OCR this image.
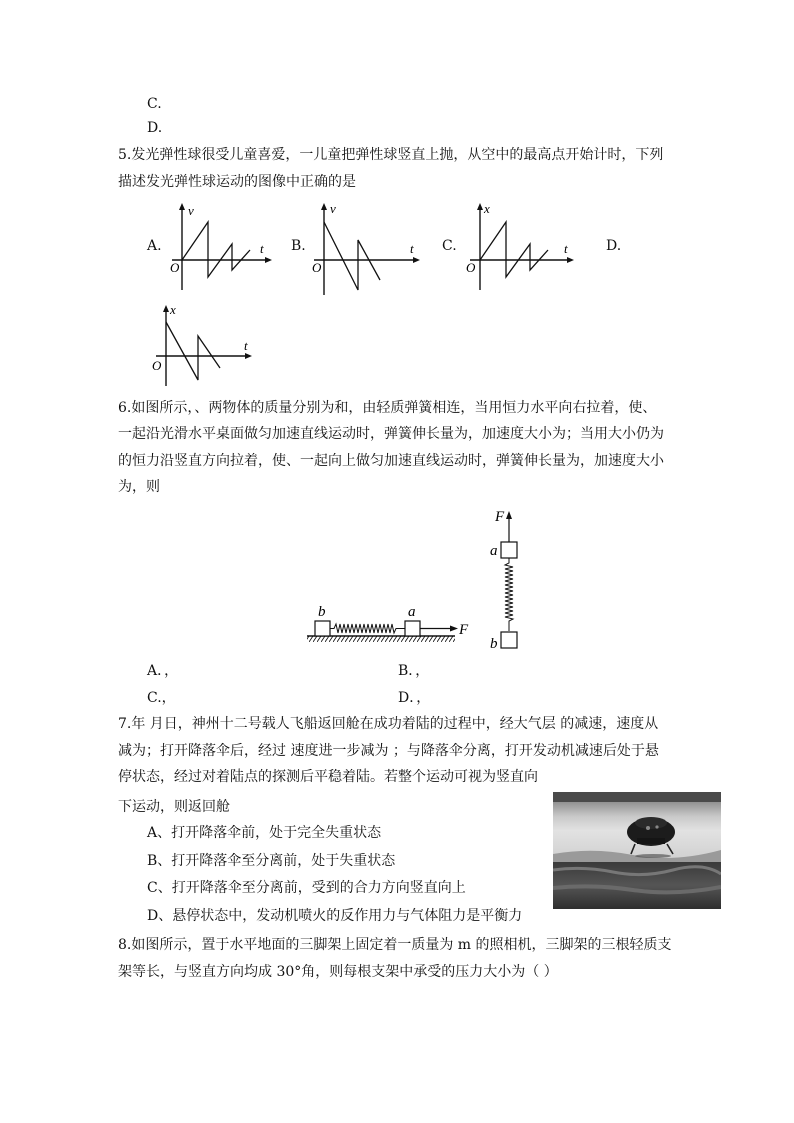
C.
D.
5.发光弹性球很受儿童喜爱，一儿童把弹性球竖直上抛，从空中的最高点开始计时，下列
描述发光弹性球运动的图像中正确的是
A.	B.	C.	D.
v
t
O
v
t
O
x
t
O
x
t
O
6.如图所示，、两物体的质量分别为和，由轻质弹簧相连，当用恒力水平向右拉着，使、
一起沿光滑水平桌面做匀加速直线运动时，弹簧伸长量为，加速度大小为；当用大小仍为
的恒力沿竖直方向拉着，使、一起向上做匀加速直线运动时，弹簧伸长量为，加速度大小
为，则
b	a
F
F
a
b
A．，	B．，
C.，	D．，
7.年 月日，神州十二号载人飞船返回舱在成功着陆的过程中，经大气层 的减速，速度从
减为；打开降落伞后，经过 速度进一步减为 ；与降落伞分离，打开发动机减速后处于悬
停状态，经过对着陆点的探测后平稳着陆。若整个运动可视为竖直向
下运动，则返回舱
A、打开降落伞前，处于完全失重状态
B、打开降落伞至分离前，处于失重状态
C、打开降落伞至分离前，受到的合力方向竖直向上
D、悬停状态中，发动机喷火的反作用力与气体阻力是平衡力
8.如图所示，置于水平地面的三脚架上固定着一质量为 m 的照相机，三脚架的三根轻质支
架等长，与竖直方向均成 30°角，则每根支架中承受的压力大小为（ ）
